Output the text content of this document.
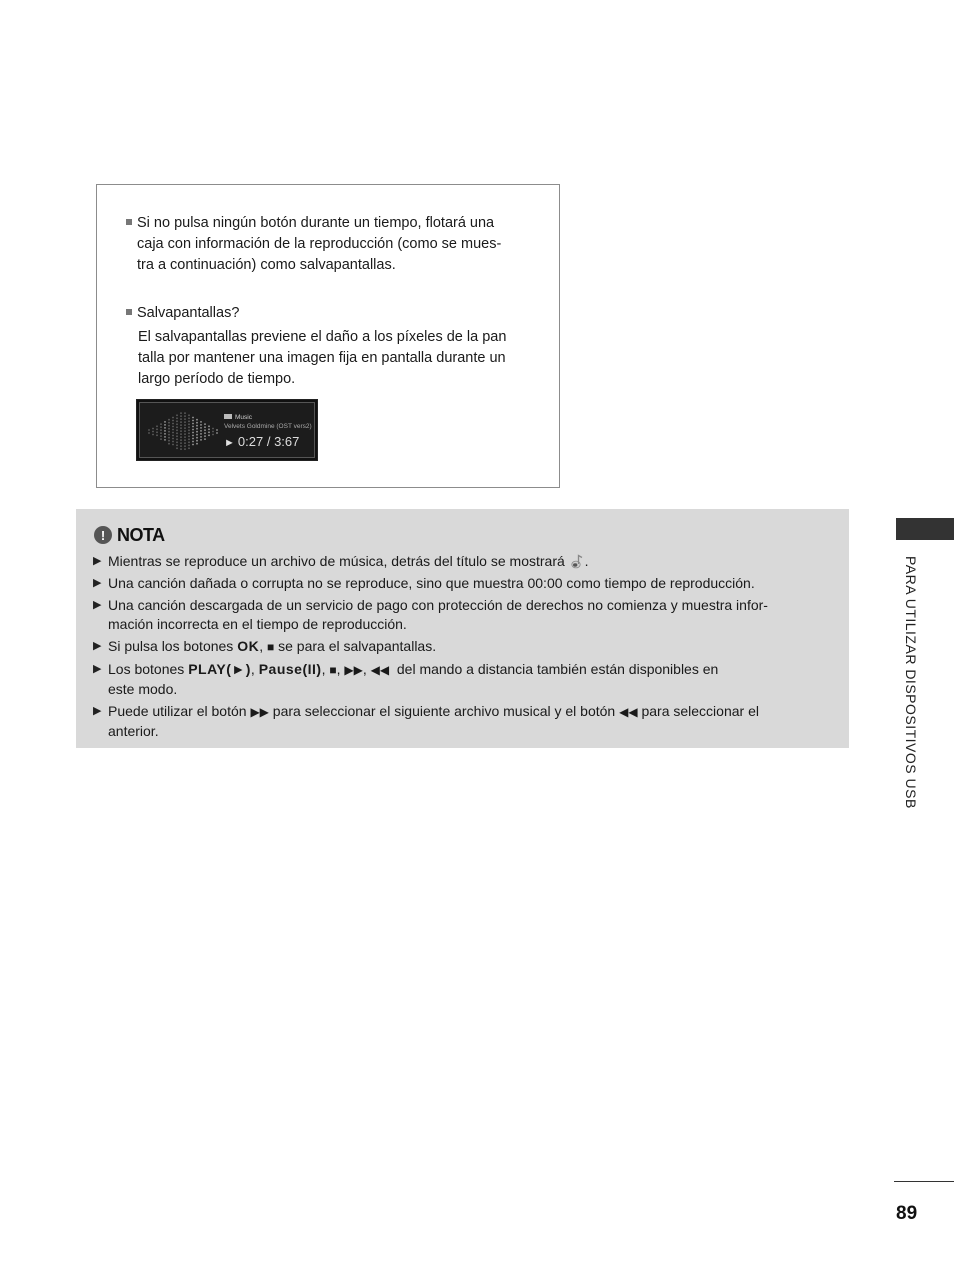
Si no pulsa ningún botón durante un tiempo, flotará una
caja con información de la reproducción (como se mues-
tra a continuación) como salvapantallas.
Salvapantallas?
El salvapantallas previene el daño a los píxeles de la pan
talla por mantener una imagen fija en pantalla durante un
largo período de tiempo.
Music
Velvets Goldmine (OST vers2)
► 0:27 / 3:67
! NOTA
▶ Mientras se reproduce un archivo de música, detrás del título se mostrará .
▶ Una canción dañada o corrupta no se reproduce, sino que muestra 00:00 como tiempo de reproducción.
▶ Una canción descargada de un servicio de pago con protección de derechos no comienza y muestra infor-
mación incorrecta en el tiempo de reproducción.
▶ Si pulsa los botones OK, ■ se para el salvapantallas.
▶ Los botones PLAY(►), Pause(II), ■, ▶▶, ◀◀ del mando a distancia también están disponibles en
este modo.
▶ Puede utilizar el botón ▶▶ para seleccionar el siguiente archivo musical y el botón ◀◀ para seleccionar el
anterior.	PARA UTILIZAR DISPOSITIVOS USB
89
